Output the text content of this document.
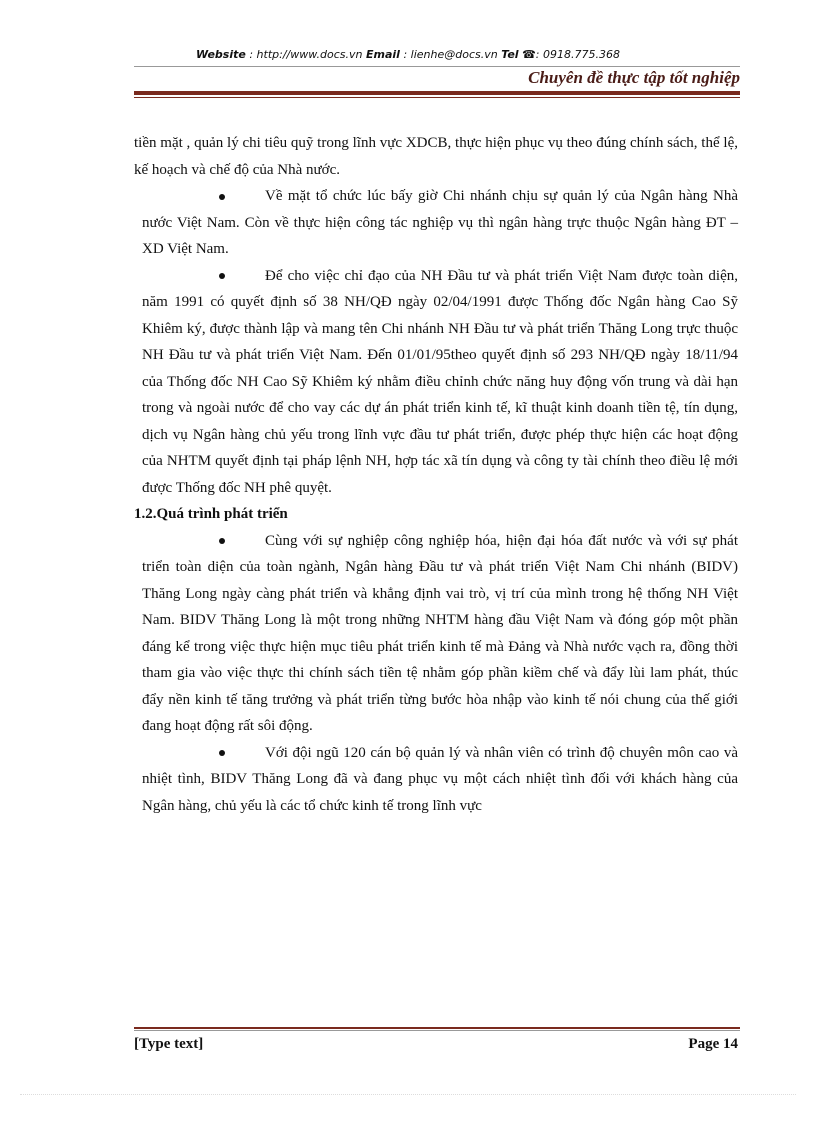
Website : http://www.docs.vn Email : lienhe@docs.vn Tel ☎: 0918.775.368
Chuyên đề thực tập tốt nghiệp

tiền mặt , quản lý chi tiêu quỹ trong lĩnh vực XDCB, thực hiện phục vụ theo đúng chính sách, thể lệ, kế hoạch và chế độ của Nhà nước.

Về mặt tổ chức lúc bấy giờ Chi nhánh chịu sự quản lý của Ngân hàng Nhà nước Việt Nam. Còn về thực hiện công tác nghiệp vụ thì ngân hàng trực thuộc Ngân hàng ĐT – XD Việt Nam.

Để cho việc chỉ đạo của NH Đầu tư và phát triển Việt Nam được toàn diện, năm 1991 có quyết định số 38 NH/QĐ ngày 02/04/1991 được Thống đốc Ngân hàng Cao Sỹ Khiêm ký, được thành lập và mang tên Chi nhánh NH Đầu tư và phát triển Thăng Long trực thuộc NH Đầu tư và phát triển Việt Nam. Đến 01/01/95theo quyết định số 293 NH/QĐ ngày 18/11/94 của Thống đốc NH Cao Sỹ Khiêm ký nhằm điều chỉnh chức năng huy động vốn trung và dài hạn trong và ngoài nước để cho vay các dự án phát triển kinh tế, kĩ thuật kinh doanh tiền tệ, tín dụng, dịch vụ Ngân hàng chủ yếu trong lĩnh vực đầu tư phát triển, được phép thực hiện các hoạt động của NHTM quyết định tại pháp lệnh NH, hợp tác xã tín dụng và công ty tài chính theo điều lệ mới được Thống đốc NH phê quyệt.

1.2.Quá trình phát triển

Cùng với sự nghiệp công nghiệp hóa, hiện đại hóa đất nước và với sự phát triển toàn diện của toàn ngành, Ngân hàng Đầu tư và phát triển Việt Nam Chi nhánh (BIDV) Thăng Long ngày càng phát triển và khẳng định vai trò, vị trí của mình trong hệ thống NH Việt Nam. BIDV Thăng Long là một trong những NHTM hàng đầu Việt Nam và đóng góp một phần đáng kể trong việc thực hiện mục tiêu phát triển kinh tế mà Đảng và Nhà nước vạch ra, đồng thời tham gia vào việc thực thi chính sách tiền tệ nhằm góp phần kiềm chế và đẩy lùi lam phát, thúc đẩy nền kinh tế tăng trưởng và phát triển từng bước hòa nhập vào kinh tế nói chung của thế giới đang hoạt động rất sôi động.

Với đội ngũ 120 cán bộ quản lý và nhân viên có trình độ chuyên môn cao và nhiệt tình, BIDV Thăng Long đã và đang phục vụ một cách nhiệt tình đối với khách hàng của Ngân hàng, chủ yếu là các tổ chức kinh tế trong lĩnh vực

[Type text]	Page 14
